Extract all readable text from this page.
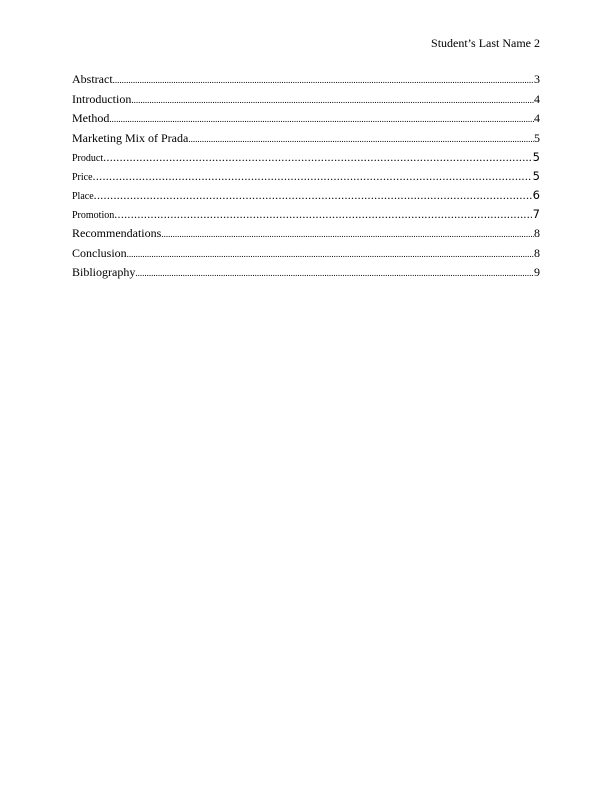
Student’s Last Name 2
Abstract .....	3
Introduction .....	4
Method .....	4
Marketing Mix of Prada .....	5
Product .....	5
Price .....	5
Place .....	6
Promotion .....	7
Recommendations .....	8
Conclusion .....	8
Bibliography .....	9
